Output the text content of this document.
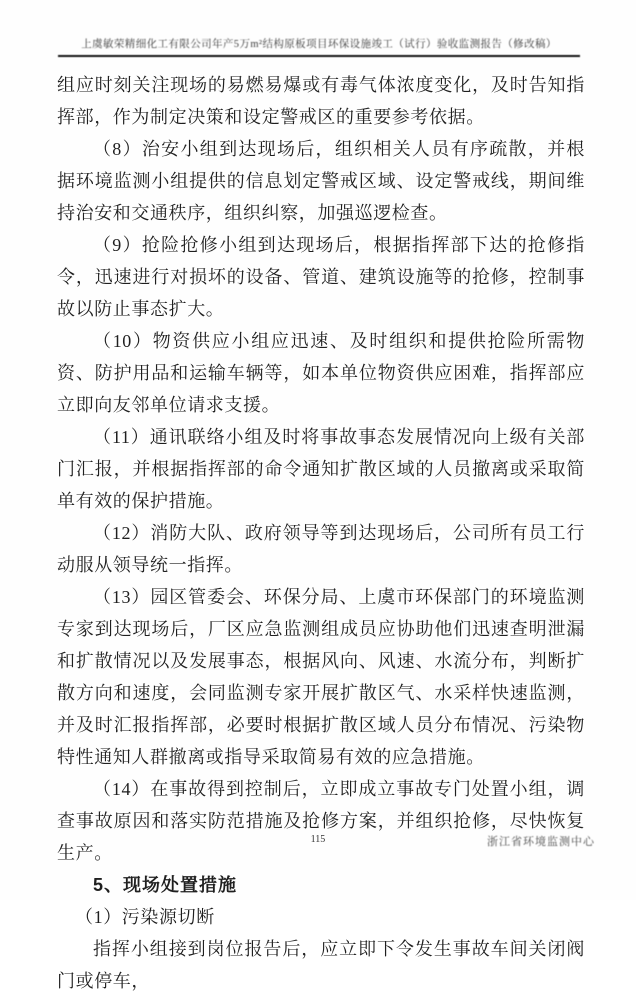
上虞敏荣精细化工有限公司年产5万m²结构原板项目环保设施竣工（试行）验收监测报告（修改稿）

组应时刻关注现场的易燃易爆或有毒气体浓度变化，及时告知指挥部，作为制定决策和设定警戒区的重要参考依据。

（8）治安小组到达现场后，组织相关人员有序疏散，并根据环境监测小组提供的信息划定警戒区域、设定警戒线，期间维持治安和交通秩序，组织纠察，加强巡逻检查。

（9）抢险抢修小组到达现场后，根据指挥部下达的抢修指令，迅速进行对损坏的设备、管道、建筑设施等的抢修，控制事故以防止事态扩大。

（10）物资供应小组应迅速、及时组织和提供抢险所需物资、防护用品和运输车辆等，如本单位物资供应困难，指挥部应立即向友邻单位请求支援。

（11）通讯联络小组及时将事故事态发展情况向上级有关部门汇报，并根据指挥部的命令通知扩散区域的人员撤离或采取简单有效的保护措施。

（12）消防大队、政府领导等到达现场后，公司所有员工行动服从领导统一指挥。

（13）园区管委会、环保分局、上虞市环保部门的环境监测专家到达现场后，厂区应急监测组成员应协助他们迅速查明泄漏和扩散情况以及发展事态，根据风向、风速、水流分布，判断扩散方向和速度，会同监测专家开展扩散区气、水采样快速监测，并及时汇报指挥部，必要时根据扩散区域人员分布情况、污染物特性通知人群撤离或指导采取简易有效的应急措施。

（14）在事故得到控制后，立即成立事故专门处置小组，调查事故原因和落实防范措施及抢修方案，并组织抢修，尽快恢复生产。

5、现场处置措施

（1）污染源切断

指挥小组接到岗位报告后，应立即下令发生事故车间关闭阀门或停车，

115	浙江省环境监测中心
